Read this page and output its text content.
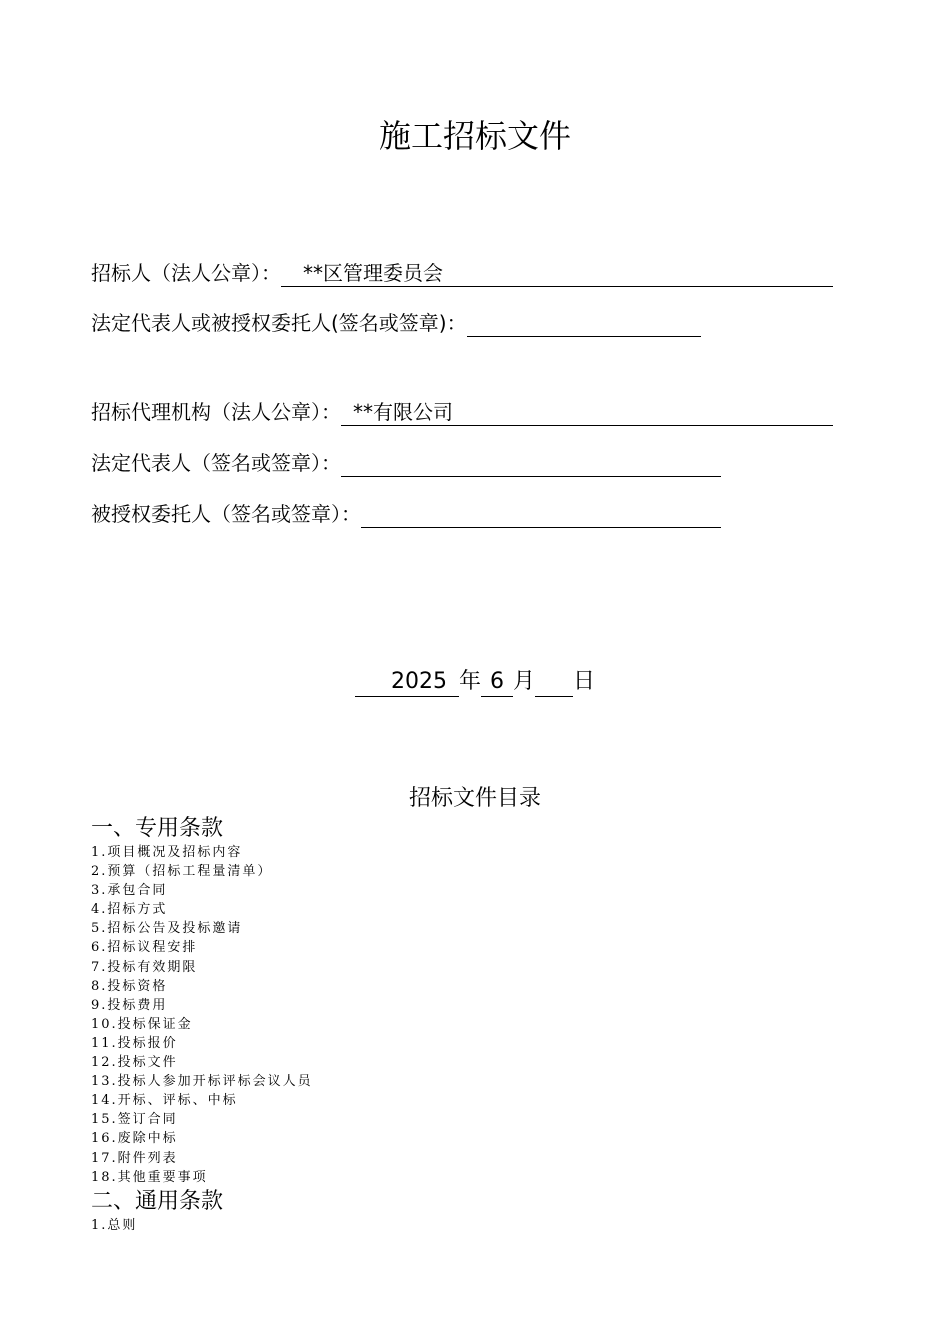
施工招标文件
招标人（法人公章）： **区管理委员会
法定代表人或被授权委托人(签名或签章)：
招标代理机构（法人公章）： **有限公司
法定代表人（签名或签章）：
被授权委托人（签名或签章）：
2025 年 6 月 日
招标文件目录
一、专用条款
1.项目概况及招标内容
2.预算（招标工程量清单）
3.承包合同
4.招标方式
5.招标公告及投标邀请
6.招标议程安排
7.投标有效期限
8.投标资格
9.投标费用
10.投标保证金
11.投标报价
12.投标文件
13.投标人参加开标评标会议人员
14.开标、评标、中标
15.签订合同
16.废除中标
17.附件列表
18.其他重要事项
二、通用条款
1.总则
